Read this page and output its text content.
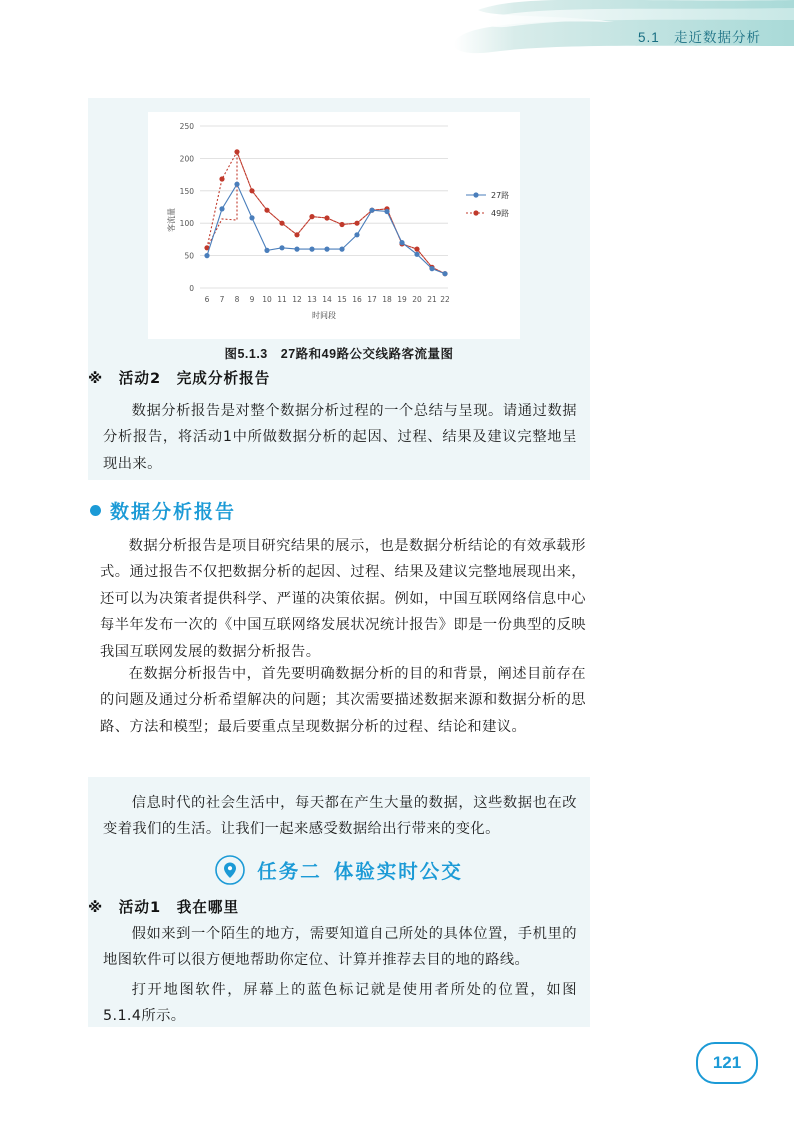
5.1 走近数据分析
250
200
150
100
50
0
客流量
6 7 8 9 10 11 12 13 14 15 16 17 18 19 20 21 22
时间段
27路
49路
图5.1.3　27路和49路公交线路客流量图
※　活动2　完成分析报告
数据分析报告是对整个数据分析过程的一个总结与呈现。请通过数据分析报告，将活动1中所做数据分析的起因、过程、结果及建议完整地呈现出来。
数据分析报告
数据分析报告是项目研究结果的展示，也是数据分析结论的有效承载形式。通过报告不仅把数据分析的起因、过程、结果及建议完整地展现出来，还可以为决策者提供科学、严谨的决策依据。例如，中国互联网络信息中心每半年发布一次的《中国互联网络发展状况统计报告》即是一份典型的反映我国互联网发展的数据分析报告。
在数据分析报告中，首先要明确数据分析的目的和背景，阐述目前存在的问题及通过分析希望解决的问题；其次需要描述数据来源和数据分析的思路、方法和模型；最后要重点呈现数据分析的过程、结论和建议。
信息时代的社会生活中，每天都在产生大量的数据，这些数据也在改变着我们的生活。让我们一起来感受数据给出行带来的变化。
任务二 体验实时公交
※　活动1　我在哪里
假如来到一个陌生的地方，需要知道自己所处的具体位置，手机里的地图软件可以很方便地帮助你定位、计算并推荐去目的地的路线。
打开地图软件，屏幕上的蓝色标记就是使用者所处的位置，如图5.1.4所示。
121
